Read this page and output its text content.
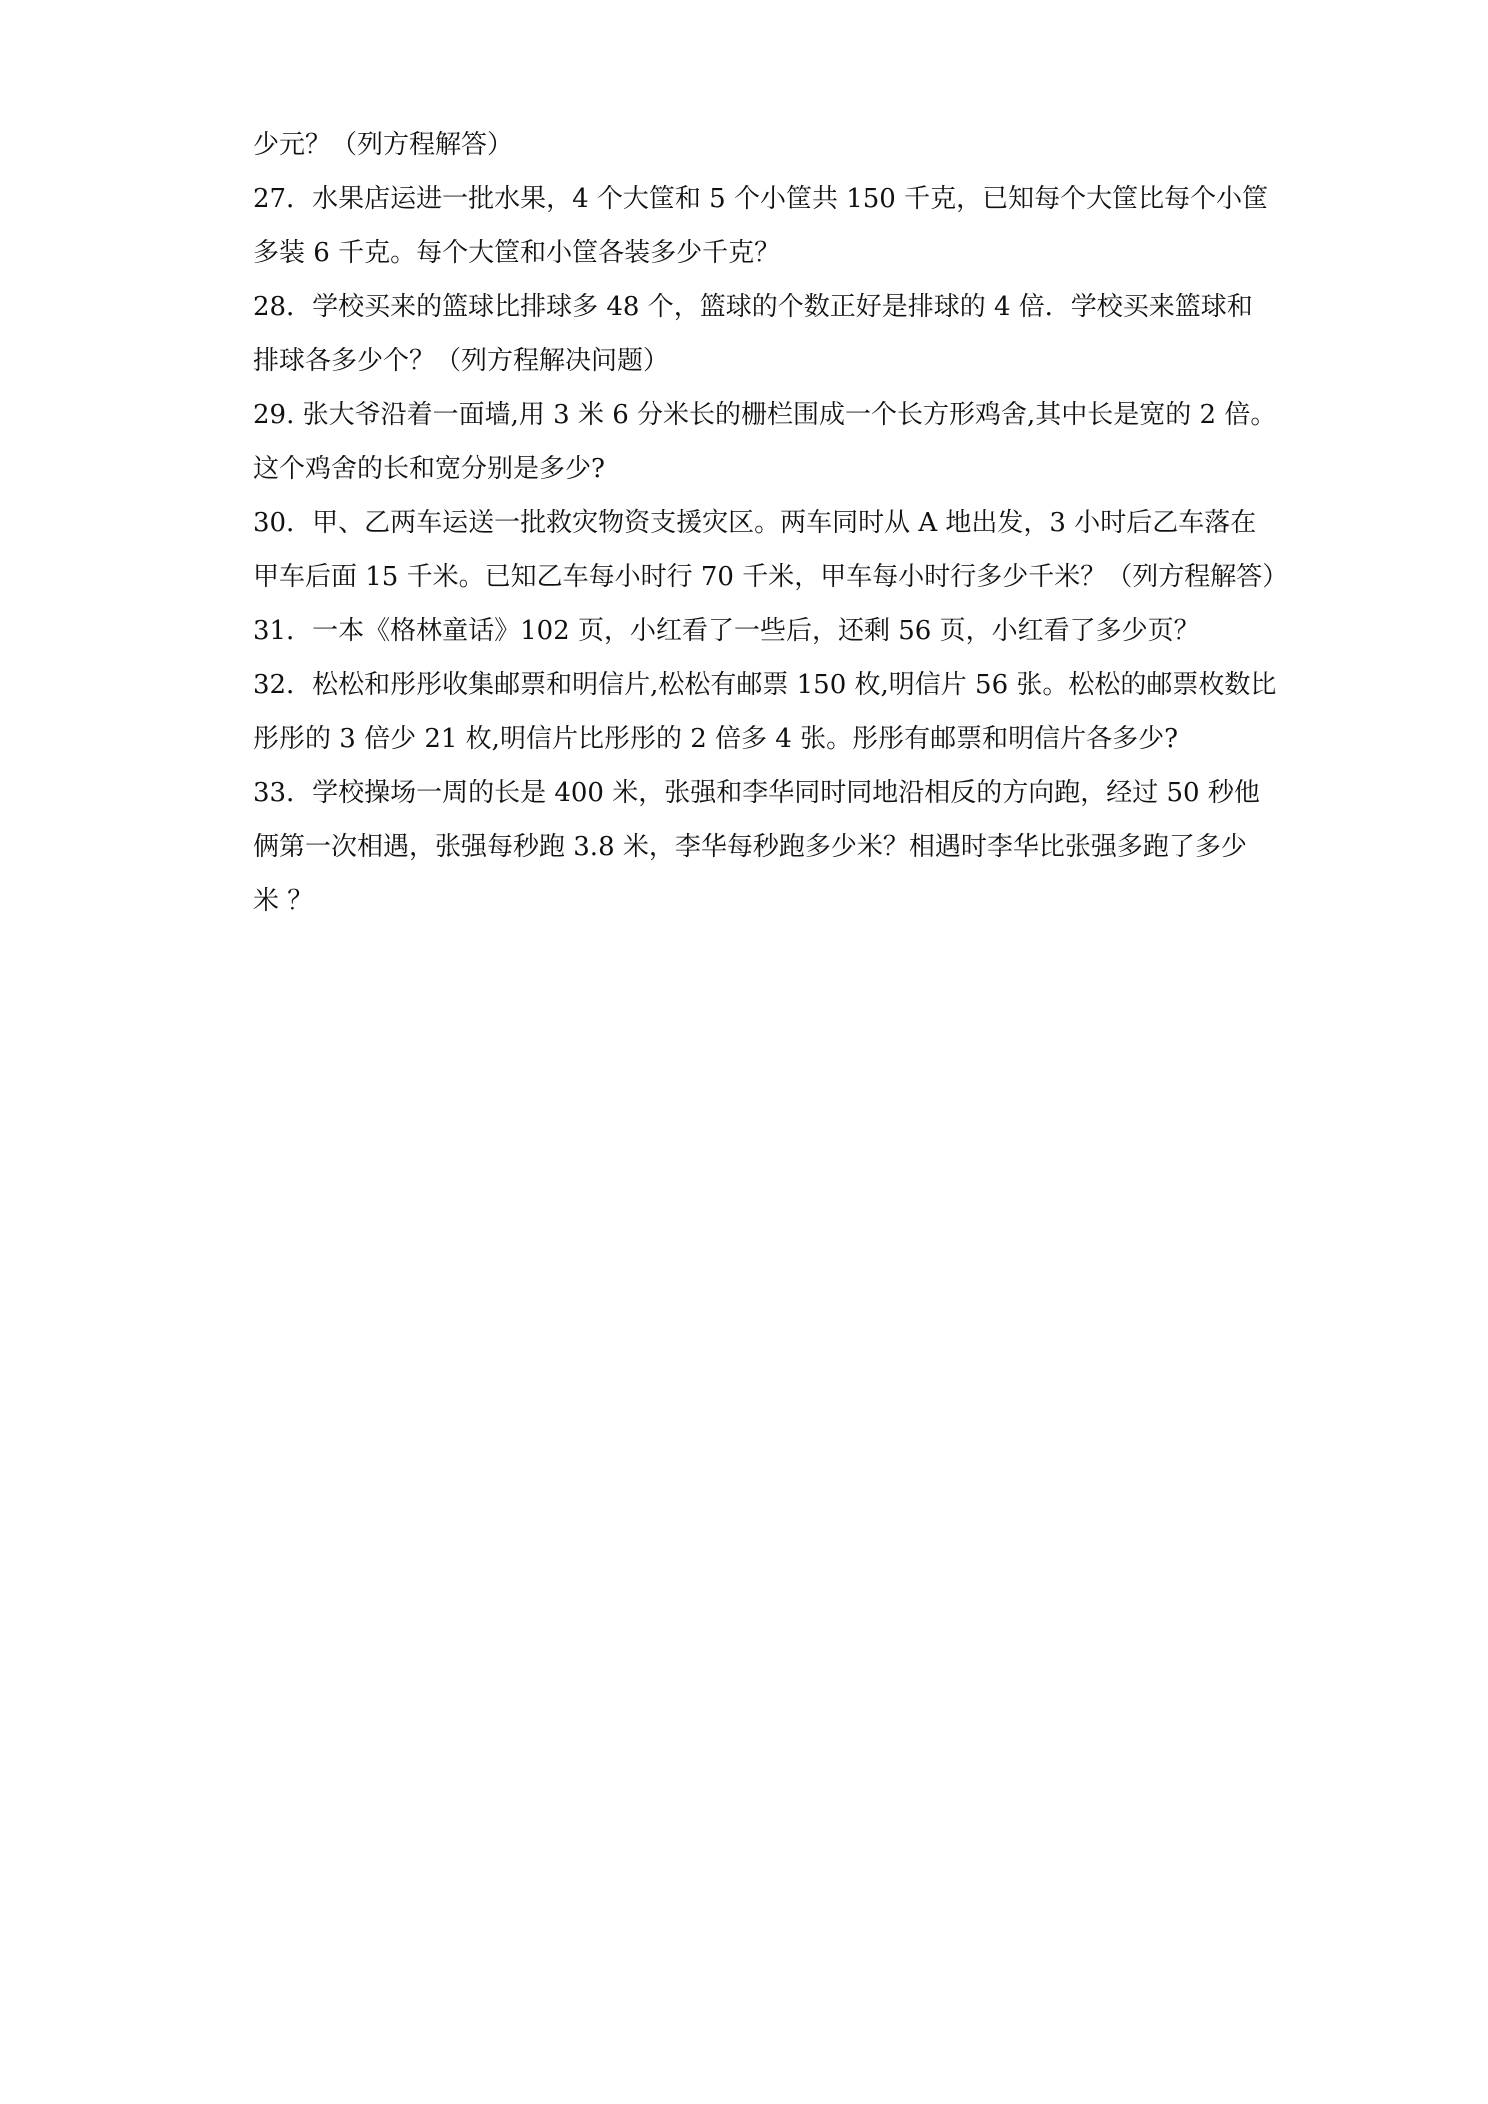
少元？（列方程解答）
27．水果店运进一批水果，4 个大筐和 5 个小筐共 150 千克，已知每个大筐比每个小筐
多装 6 千克。每个大筐和小筐各装多少千克？
28．学校买来的篮球比排球多 48 个，篮球的个数正好是排球的 4 倍．学校买来篮球和
排球各多少个？（列方程解决问题）
29. 张大爷沿着一面墙,用 3 米 6 分米长的栅栏围成一个长方形鸡舍,其中长是宽的 2 倍。
这个鸡舍的长和宽分别是多少?
30．甲、乙两车运送一批救灾物资支援灾区。两车同时从 A 地出发，3 小时后乙车落在
甲车后面 15 千米。已知乙车每小时行 70 千米，甲车每小时行多少千米？（列方程解答）
31．一本《格林童话》102 页，小红看了一些后，还剩 56 页，小红看了多少页？
32．松松和彤彤收集邮票和明信片,松松有邮票 150 枚,明信片 56 张。松松的邮票枚数比
彤彤的 3 倍少 21 枚,明信片比彤彤的 2 倍多 4 张。彤彤有邮票和明信片各多少?
33．学校操场一周的长是 400 米，张强和李华同时同地沿相反的方向跑，经过 50 秒他
俩第一次相遇，张强每秒跑 3.8 米，李华每秒跑多少米？相遇时李华比张强多跑了多少
米 ？
